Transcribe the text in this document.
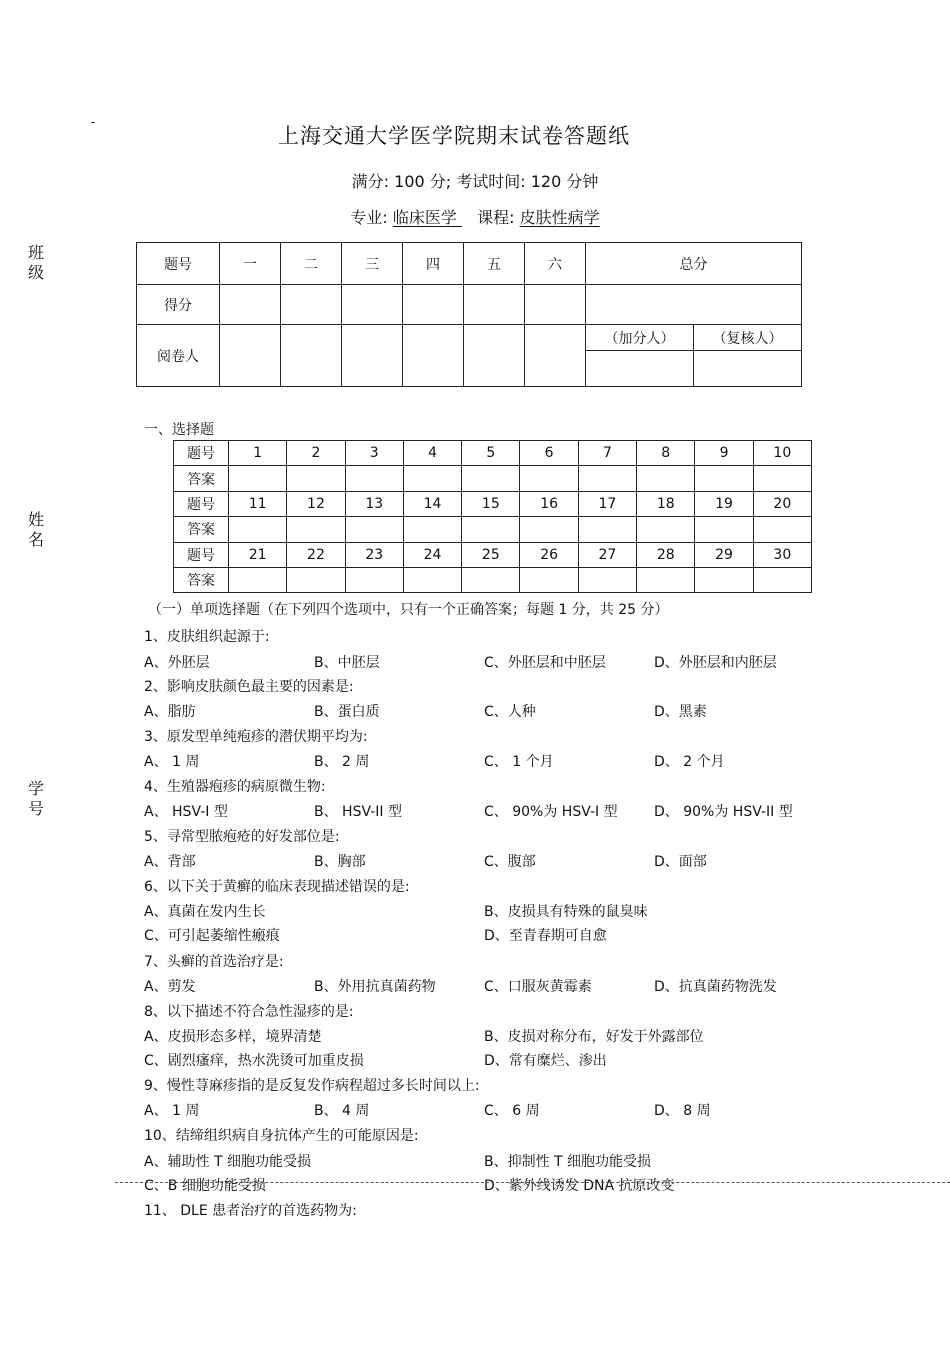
-
上海交通大学医学院期末试卷答题纸
满分: 100 分; 考试时间: 120 分钟
专业: 临床医学    课程: 皮肤性病学
班
级
姓
名
学
号
题号	一	二	三	四	五	六	总分	
得分								
阅卷人							（加分人）	（复核人）

一、选择题
题号	1	2	3	4	5	6	7	8	9	10
答案										
题号	11	12	13	14	15	16	17	18	19	20
答案										
题号	21	22	23	24	25	26	27	28	29	30
答案										
（一）单项选择题（在下列四个选项中，只有一个正确答案；每题 1 分，共 25 分）
1、皮肤组织起源于:
A、外胚层	B、中胚层	C、外胚层和中胚层	D、外胚层和内胚层
2、影响皮肤颜色最主要的因素是:
A、脂肪	B、蛋白质	C、人种	D、黑素
3、原发型单纯疱疹的潜伏期平均为:
A、 1 周	B、 2 周	C、 1 个月	D、 2 个月
4、生殖器疱疹的病原微生物:
A、 HSV-I 型	B、 HSV-II 型	C、 90%为 HSV-I 型	D、 90%为 HSV-II 型
5、寻常型脓疱疮的好发部位是:
A、背部	B、胸部	C、腹部	D、面部
6、以下关于黄癣的临床表现描述错误的是:
A、真菌在发内生长	B、皮损具有特殊的鼠臭味
C、可引起萎缩性瘢痕	D、至青春期可自愈
7、头癣的首选治疗是:
A、剪发	B、外用抗真菌药物	C、口服灰黄霉素	D、抗真菌药物洗发
8、以下描述不符合急性湿疹的是:
A、皮损形态多样，境界清楚	B、皮损对称分布，好发于外露部位
C、剧烈瘙痒，热水洗烫可加重皮损	D、常有糜烂、渗出
9、慢性荨麻疹指的是反复发作病程超过多长时间以上:
A、 1 周	B、 4 周	C、 6 周	D、 8 周
10、结缔组织病自身抗体产生的可能原因是:
A、辅助性 T 细胞功能受损	B、抑制性 T 细胞功能受损
C、B 细胞功能受损	D、紫外线诱发 DNA 抗原改变
11、 DLE 患者治疗的首选药物为:
